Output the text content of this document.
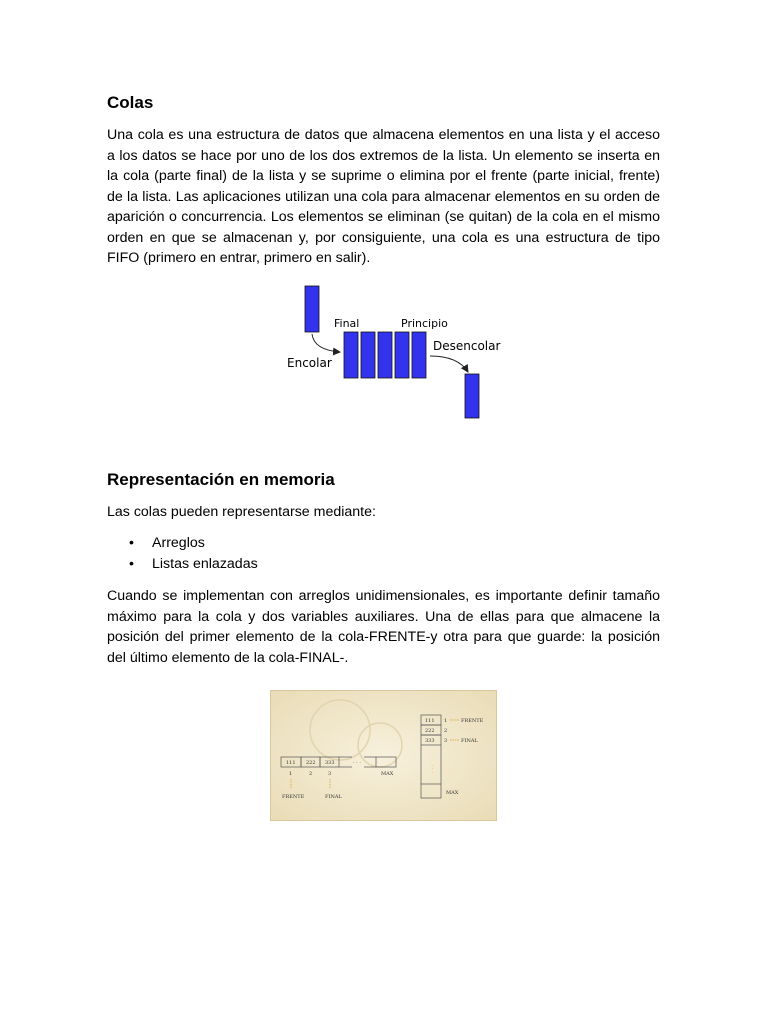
Colas

Una cola es una estructura de datos que almacena elementos en una lista y el acceso a los datos se hace por uno de los dos extremos de la lista. Un elemento se inserta en la cola (parte final) de la lista y se suprime o elimina por el frente (parte inicial, frente) de la lista. Las aplicaciones utilizan una cola para almacenar elementos en su orden de aparición o concurrencia. Los elementos se eliminan (se quitan) de la cola en el mismo orden en que se almacenan y, por consiguiente, una cola es una estructura de tipo FIFO (primero en entrar, primero en salir).

Representación en memoria

Las colas pueden representarse mediante:

• Arreglos
• Listas enlazadas

Cuando se implementan con arreglos unidimensionales, es importante definir tamaño máximo para la cola y dos variables auxiliares. Una de ellas para que almacene la posición del primer elemento de la cola-FRENTE-y otra para que guarde: la posición del último elemento de la cola-FINAL-.

Final	Principio
Encolar
Desencolar
· · ·
111 222 333
1	2	3	MAX
FRENTE	FINAL
· · ·
111
222
333
1
2
3
FRENTE
FINAL
MAX
